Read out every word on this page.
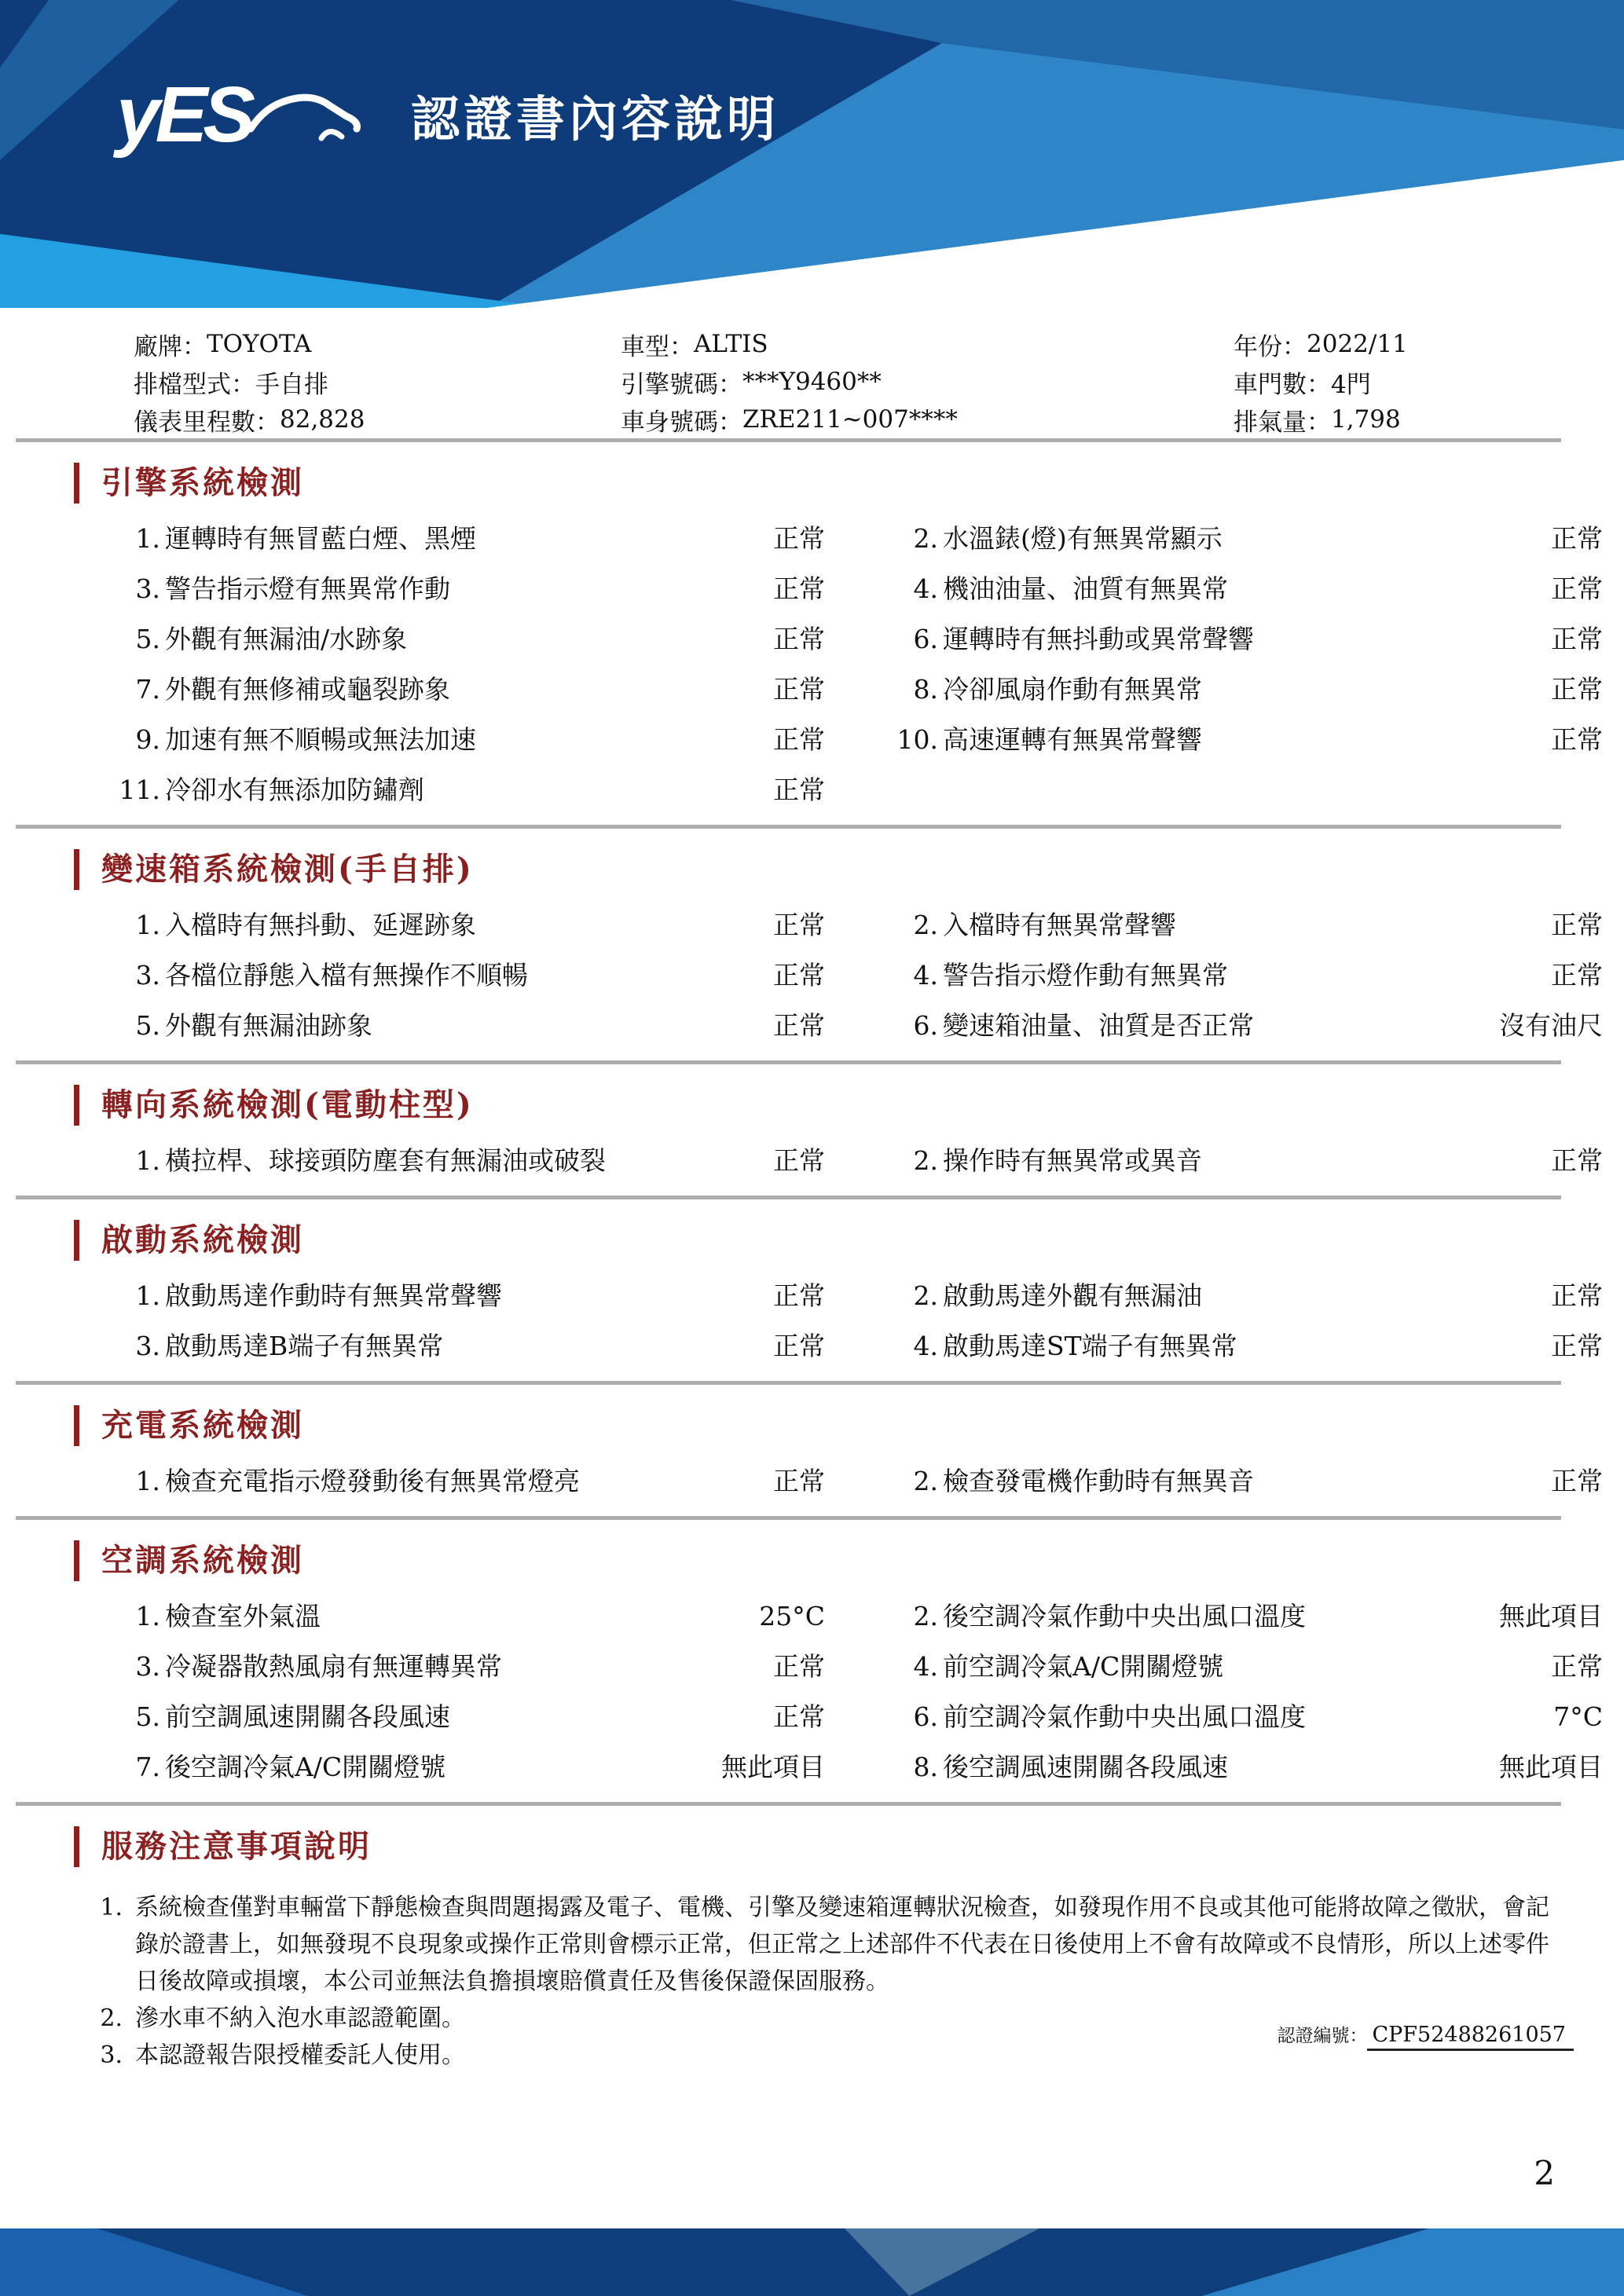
yES	認證書內容說明
廠牌： TOYOTA
排檔型式： 手自排
儀表里程數： 82,828
車型： ALTIS
引擎號碼： ***Y9460**
車身號碼： ZRE211~007****
年份： 2022/11
車門數： 4門
排氣量： 1,798
引擎系統檢測
1. 運轉時有無冒藍白煙、黑煙	正常	2. 水溫錶(燈)有無異常顯示	正常
3. 警告指示燈有無異常作動	正常	4. 機油油量、油質有無異常	正常
5. 外觀有無漏油/水跡象	正常	6. 運轉時有無抖動或異常聲響	正常
7. 外觀有無修補或龜裂跡象	正常	8. 冷卻風扇作動有無異常	正常
9. 加速有無不順暢或無法加速	正常	10. 高速運轉有無異常聲響	正常
11. 冷卻水有無添加防鏽劑	正常
變速箱系統檢測(手自排)
1. 入檔時有無抖動、延遲跡象	正常	2. 入檔時有無異常聲響	正常
3. 各檔位靜態入檔有無操作不順暢	正常	4. 警告指示燈作動有無異常	正常
5. 外觀有無漏油跡象	正常	6. 變速箱油量、油質是否正常	沒有油尺
轉向系統檢測(電動柱型)
1. 橫拉桿、球接頭防塵套有無漏油或破裂	正常	2. 操作時有無異常或異音	正常
啟動系統檢測
1. 啟動馬達作動時有無異常聲響	正常	2. 啟動馬達外觀有無漏油	正常
3. 啟動馬達B端子有無異常	正常	4. 啟動馬達ST端子有無異常	正常
充電系統檢測
1. 檢查充電指示燈發動後有無異常燈亮	正常	2. 檢查發電機作動時有無異音	正常
空調系統檢測
1. 檢查室外氣溫	25°C	2. 後空調冷氣作動中央出風口溫度	無此項目
3. 冷凝器散熱風扇有無運轉異常	正常	4. 前空調冷氣A/C開關燈號	正常
5. 前空調風速開關各段風速	正常	6. 前空調冷氣作動中央出風口溫度	7°C
7. 後空調冷氣A/C開關燈號	無此項目	8. 後空調風速開關各段風速	無此項目
服務注意事項說明
1. 系統檢查僅對車輛當下靜態檢查與問題揭露及電子、電機、引擎及變速箱運轉狀況檢查，如發現作用不良或其他可能將故障之徵狀，會記錄於證書上，如無發現不良現象或操作正常則會標示正常，但正常之上述部件不代表在日後使用上不會有故障或不良情形，所以上述零件日後故障或損壞，本公司並無法負擔損壞賠償責任及售後保證保固服務。
2. 滲水車不納入泡水車認證範圍。
3. 本認證報告限授權委託人使用。
認證編號： CPF52488261057
2
